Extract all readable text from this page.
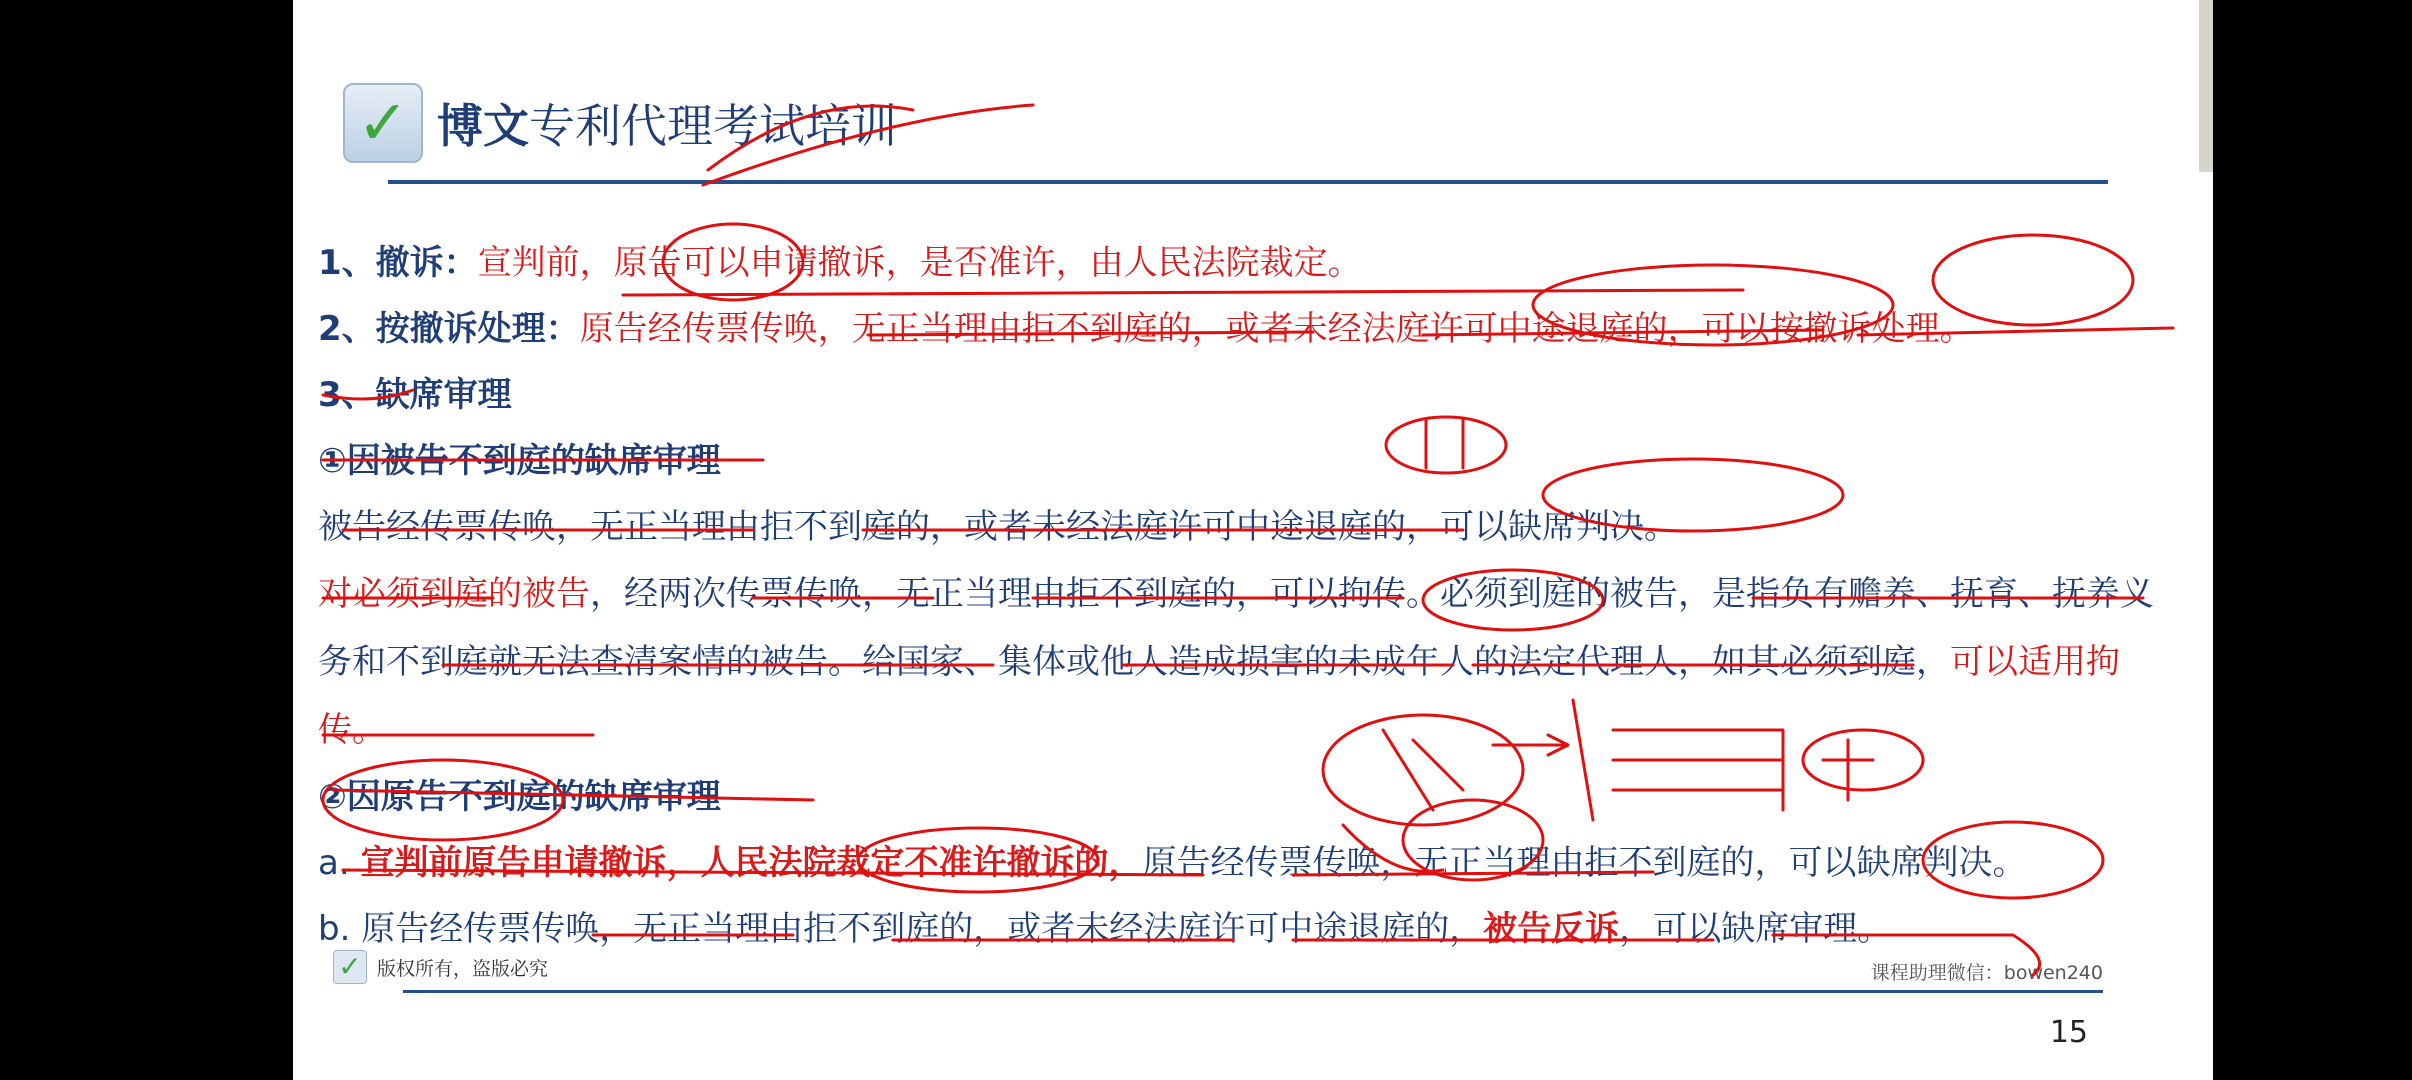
✓ 博文 专利代理考试培训
1、撤诉：宣判前，原告可以申请撤诉，是否准许，由人民法院裁定。
2、按撤诉处理：原告经传票传唤，无正当理由拒不到庭的，或者未经法庭许可中途退庭的，可以按撤诉处理。
3、缺席审理
①因被告不到庭的缺席审理
被告经传票传唤，无正当理由拒不到庭的，或者未经法庭许可中途退庭的，可以缺席判决。
对必须到庭的被告，经两次传票传唤，无正当理由拒不到庭的，可以拘传。必须到庭的被告，是指负有赡养、抚育、抚养义务和不到庭就无法查清案情的被告。给国家、集体或他人造成损害的未成年人的法定代理人，如其必须到庭，可以适用拘传。
②因原告不到庭的缺席审理
a. 宣判前原告申请撤诉，人民法院裁定不准许撤诉的，原告经传票传唤，无正当理由拒不到庭的，可以缺席判决。
b. 原告经传票传唤，无正当理由拒不到庭的，或者未经法庭许可中途退庭的，被告反诉，可以缺席审理。
✓ 版权所有，盗版必究	课程助理微信：bowen240
15
